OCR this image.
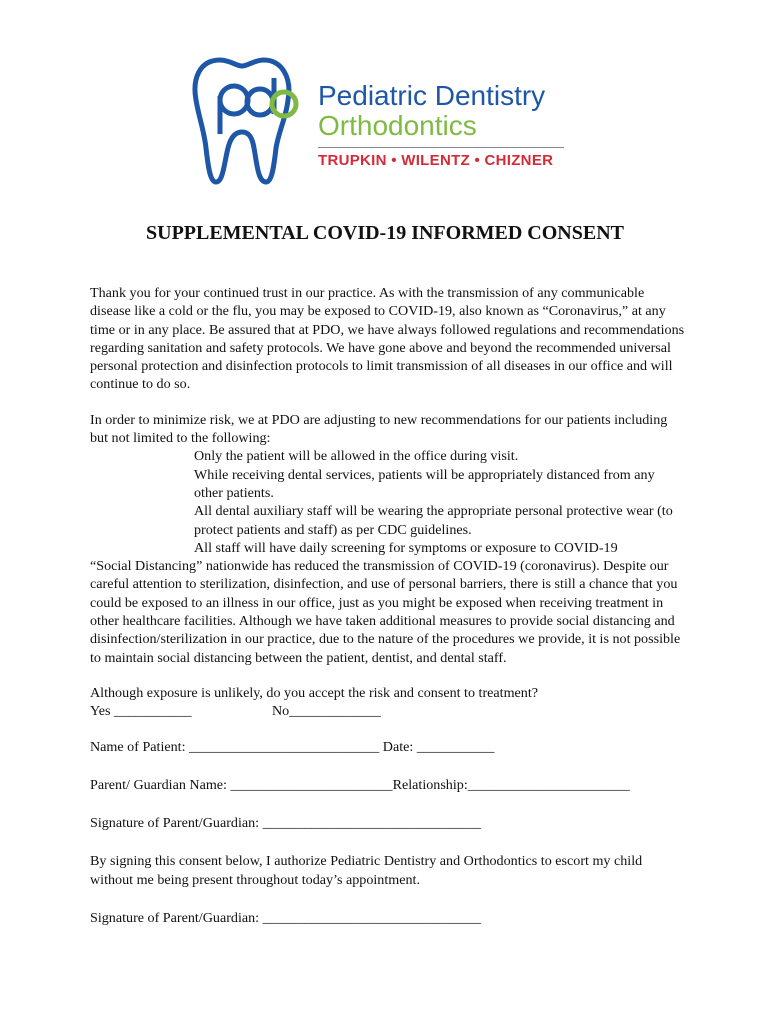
Pediatric Dentistry
Orthodontics
TRUPKIN • WILENTZ • CHIZNER
SUPPLEMENTAL COVID-19 INFORMED CONSENT

Thank you for your continued trust in our practice. As with the transmission of any communicable disease like a cold or the flu, you may be exposed to COVID-19, also known as “Coronavirus,” at any time or in any place. Be assured that at PDO, we have always followed regulations and recommendations regarding sanitation and safety protocols. We have gone above and beyond the recommended universal personal protection and disinfection protocols to limit transmission of all diseases in our office and will continue to do so.

In order to minimize risk, we at PDO are adjusting to new recommendations for our patients including but not limited to the following:

Only the patient will be allowed in the office during visit.
While receiving dental services, patients will be appropriately distanced from any other patients.
All dental auxiliary staff will be wearing the appropriate personal protective wear (to protect patients and staff) as per CDC guidelines.
All staff will have daily screening for symptoms or exposure to COVID-19

“Social Distancing” nationwide has reduced the transmission of COVID-19 (coronavirus). Despite our careful attention to sterilization, disinfection, and use of personal barriers, there is still a chance that you could be exposed to an illness in our office, just as you might be exposed when receiving treatment in other healthcare facilities. Although we have taken additional measures to provide social distancing and disinfection/sterilization in our practice, due to the nature of the procedures we provide, it is not possible to maintain social distancing between the patient, dentist, and dental staff.

Although exposure is unlikely, do you accept the risk and consent to treatment?

Yes ___________	No_____________

Name of Patient: ___________________________ Date: ___________

Parent/ Guardian Name: _______________________Relationship:_______________________

Signature of Parent/Guardian: _______________________________

By signing this consent below, I authorize Pediatric Dentistry and Orthodontics to escort my child without me being present throughout today’s appointment.

Signature of Parent/Guardian: _______________________________
